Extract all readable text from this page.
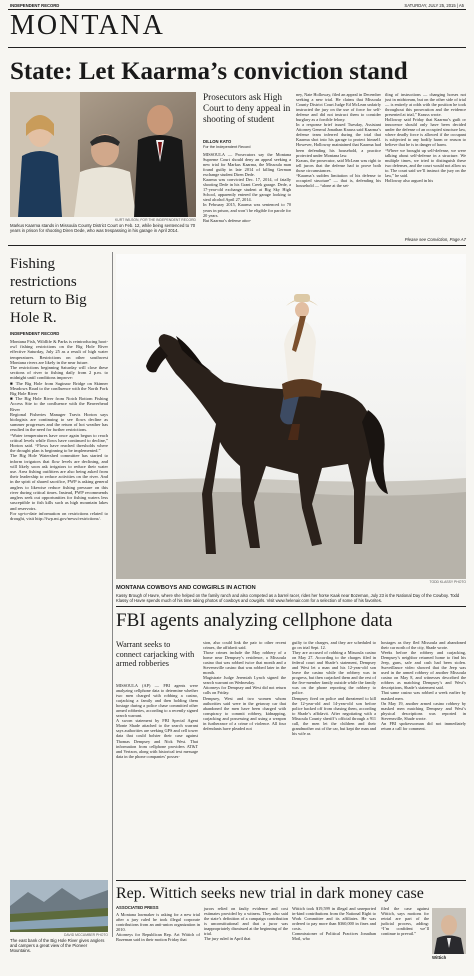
INDEPENDENT RECORD	SATURDAY, JULY 25, 2015 | A5
MONTANA
State: Let Kaarma’s conviction stand
KURT WILSON, FOR THE INDEPENDENT RECORD
Markus Kaarma stands in Missoula County District Court on Feb. 12, while being sentenced to 70 years in prison for shooting Diren Dede, who was trespassing in his garage in April 2014.
Prosecutors ask High Court to deny appeal in shooting of student
DILLON KATO
For the Independent Record
MISSOULA — Prosecutors say the Montana Supreme Court should deny an appeal seeking a new trial for Markus Kaarma, the Missoula man found guilty in late 2014 of killing German exchange student Diren Dede.
Kaarma was convicted Dec. 17, 2014, of fatally shooting Dede in his Grant Creek garage. Dede, a 17-year-old exchange student at Big Sky High School, apparently entered the garage looking to steal alcohol April 27, 2014.
In February 2015, Kaarma was sentenced to 70 years in prison, and won’t be eligible for parole for 20 years.
But Kaarma’s defense attor-
ney, Nate Holloway, filed an appeal in December seeking a new trial. He claims that Missoula County District Court Judge Ed McLean unfairly instructed the jury on the use of force for self-defense and did not instruct them to consider burglary as a forcible felony.
In a response brief issued Tuesday, Assistant Attorney General Jonathan Krauss said Kaarma’s defense team inferred during the trial that Kaarma shot into his garage to protect himself. However, Holloway maintained that Kaarma had been defending his household, a practice protected under Montana law.
Krauss, the prosecutor, said McLean was right to tell jurors that the defense had to prove both those circumstances.
“Kaarma’s sudden limitation of his defense to occupied structure” — that is, defending his household — “alone at the set-
tling of instructions — changing horses not just in midstream, but on the other side of trial — is entirely at odds with the position he took throughout this prosecution and the evidence presented at trial,” Krauss wrote.
Holloway said Friday that Kaarma’s guilt or innocence should only have been decided under the defense of an occupied structure law, where deadly force is allowed if the occupant is subjected to any bodily harm or reason to believe that he is in danger of harm.
“Where we brought up self-defense, we were talking about self-defense in a structure. We multiple times, we tried to distinguish these two defenses, and the court would not allow us to. The court said we’ll instruct the jury on the law,” he said.
Holloway also argued in his
Please see Conviction, Page A7
Fishing restrictions return to Big Hole R.
INDEPENDENT RECORD
Montana Fish, Wildlife & Parks is reintroducing hoot-owl fishing restrictions on the Big Hole River effective Saturday, July 25 as a result of high water temperatures. Restrictions on other southwest Montana rivers are likely in the near future.
The restrictions beginning Saturday will close these sections of river to fishing daily from 2 p.m. to midnight until conditions improve:
■ The Big Hole from Saginaw Bridge on Skinner Meadows Road to the confluence with the North Fork Big Hole River
■ The Big Hole River from Notch Bottom Fishing Access Site to the confluence with the Beaverhead River
Regional Fisheries Manager Travis Horton says biologists are continuing to see flows decline as summer progresses and the return of hot weather has resulted in the need for further restrictions.
“Water temperatures have once again begun to reach critical levels while flows have continued to decline,” Horton said. “Flows have reached thresholds where the drought plan is beginning to be implemented.”
The Big Hole Watershed committee has started to inform irrigators that flow levels are declining, and will likely soon ask irrigators to reduce their water use. Area fishing outfitters are also being asked from their leadership to reduce activities on the river. And in the spirit of shared sacrifice, FWP is asking general anglers to likewise reduce fishing pressure on this river during critical times. Instead, FWP recommends anglers seek out opportunities for fishing waters less susceptible to fish kills such as high mountain lakes and reservoirs.
For up-to-date information on restrictions related to drought, visit http://fwp.mt.gov/news/restrictions/.
DAVID MCCUMBER PHOTO
The east bank of the Big Hole River gives anglers and campers a great view of the Pioneer Mountains.
TODD KLASSY PHOTO
MONTANA COWBOYS AND COWGIRLS IN ACTION
Kassy Brough of Havre, where she helped on the family ranch and also competed as a barrel racer, rides her horse Kaak near Bozeman, July 23 is the National Day of the Cowboy. Todd Klassy of Havre spends much of his time taking photos of cowboys and cowgirls. Visit www.helenair.com for a selection of some of his favorites.
FBI agents analyzing cellphone data
Warrant seeks to connect carjacking with armed robberies
MISSOULA (AP) — FBI agents were analyzing cellphone data to determine whether two men charged with robbing a casino, carjacking a family and then holding them hostage during a police chase committed other armed robberies, according to a recently signed search warrant.
A sworn statement by FBI Special Agent Monte Shade attached to the search warrant says authorities are seeking GPS and cell tower data that could bolster their case against Thomas Dempsey and Nick West. That information from cellphone providers AT&T and Verizon, along with historical text message data in the phone companies’ posses-
sion, also could link the pair to other recent crimes, the affidavit said.
Those crimes include the May robbery of a home near Dempsey’s residence, a Missoula casino that was robbed twice that month and a Stevensville casino that was robbed later in the month.
Magistrate Judge Jeremiah Lynch signed the search warrant on Wednesday.
Attorneys for Dempsey and West did not return calls on Friday.
Dempsey, West and two women whom authorities said were in the getaway car that abandoned the men have been charged with conspiracy to commit robbery, kidnapping, carjacking and possessing and using a weapon in furtherance of a crime of violence. All four defendants have pleaded not
guilty to the charges, and they are scheduled to go on trial Sept. 12.
They are accused of robbing a Missoula casino on May 27. According to the charges filed in federal court and Shade’s statement, Dempsey and West let a man and his 12-year-old son leave the casino while the robbery was in progress, but then carjacked them and the rest of the five-member family outside while the family was on the phone reporting the robbery to police.
Dempsey fired on police and threatened to kill the 12-year-old and 14-year-old son before police backed off from chasing them, according to Shade’s affidavit. After negotiating with a Missoula County sheriff’s official through a 911 call, the men let the children and their grandmother out of the car, but kept the man and his wife as
hostages as they fled Missoula and abandoned their car north of the city, Shade wrote.
Weeks before the robbery and carjacking, Dempsey’s neighbor returned home to find his Jeep, guns, safe and cash had been stolen. Surveillance video showed that the Jeep was used in the armed robbery of another Missoula casino on May 8, and witnesses described the robbers as matching Dempsey’s and West’s descriptions, Shade’s statement said.
That same casino was robbed a week earlier by masked men.
On May 19, another armed casino robbery by masked men matching Dempsey and West’s physical descriptions was reported in Stevensville, Shade wrote.
An FBI spokeswoman did not immediately return a call for comment.
Rep. Wittich seeks new trial in dark money case
ASSOCIATED PRESS
A Montana lawmaker is asking for a new trial after a jury ruled he took illegal corporate contributions from an anti-union organization in 2010.
Attorneys for Republican Rep. Art Wittich of Bozeman said in their motion Friday that
jurors relied on faulty evidence and cost estimates provided by a witness. They also said the state’s definition of a campaign contribution is unconstitutional and that a juror was inappropriately dismissed at the beginning of the trial.
The jury ruled in April that
Wittich took $19,599 in illegal and unreported in-kind contributions from the National Right to Work Committee and its affiliates. He was ordered to pay more than $360,000 in fines and costs.
Commissioner of Political Practices Jonathan Motl, who
filed the case against Wittich, says motions for retrial are part of the judicial process, adding: “I’m confident we’ll continue to prevail.”
Wittich
